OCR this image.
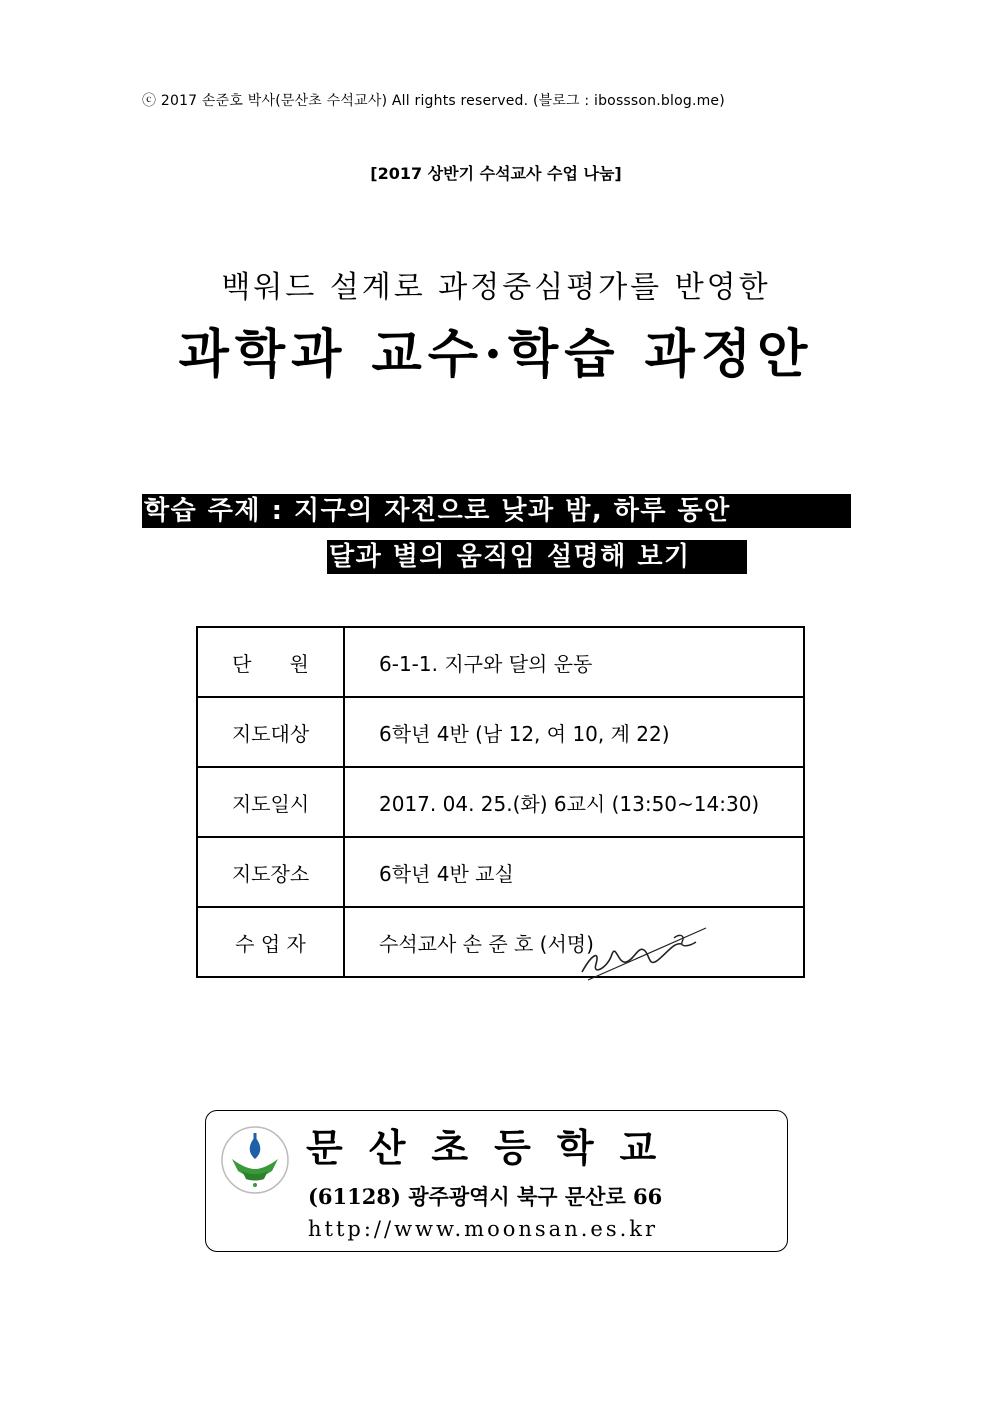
ⓒ 2017 손준호 박사(문산초 수석교사) All rights reserved. (블로그 : ibossson.blog.me)
[2017 상반기 수석교사 수업 나눔]
백워드 설계로 과정중심평가를 반영한
과학과 교수·학습 과정안
학습 주제 : 지구의 자전으로 낮과 밤, 하루 동안
달과 별의 움직임 설명해 보기
단      원	6-1-1. 지구와 달의 운동
지도대상	6학년 4반 (남 12, 여 10, 계 22)
지도일시	2017. 04. 25.(화) 6교시 (13:50~14:30)
지도장소	6학년 4반 교실
수 업 자	수석교사 손 준 호 (서명)
문산초등학교
(61128) 광주광역시 북구 문산로 66
http://www.moonsan.es.kr
